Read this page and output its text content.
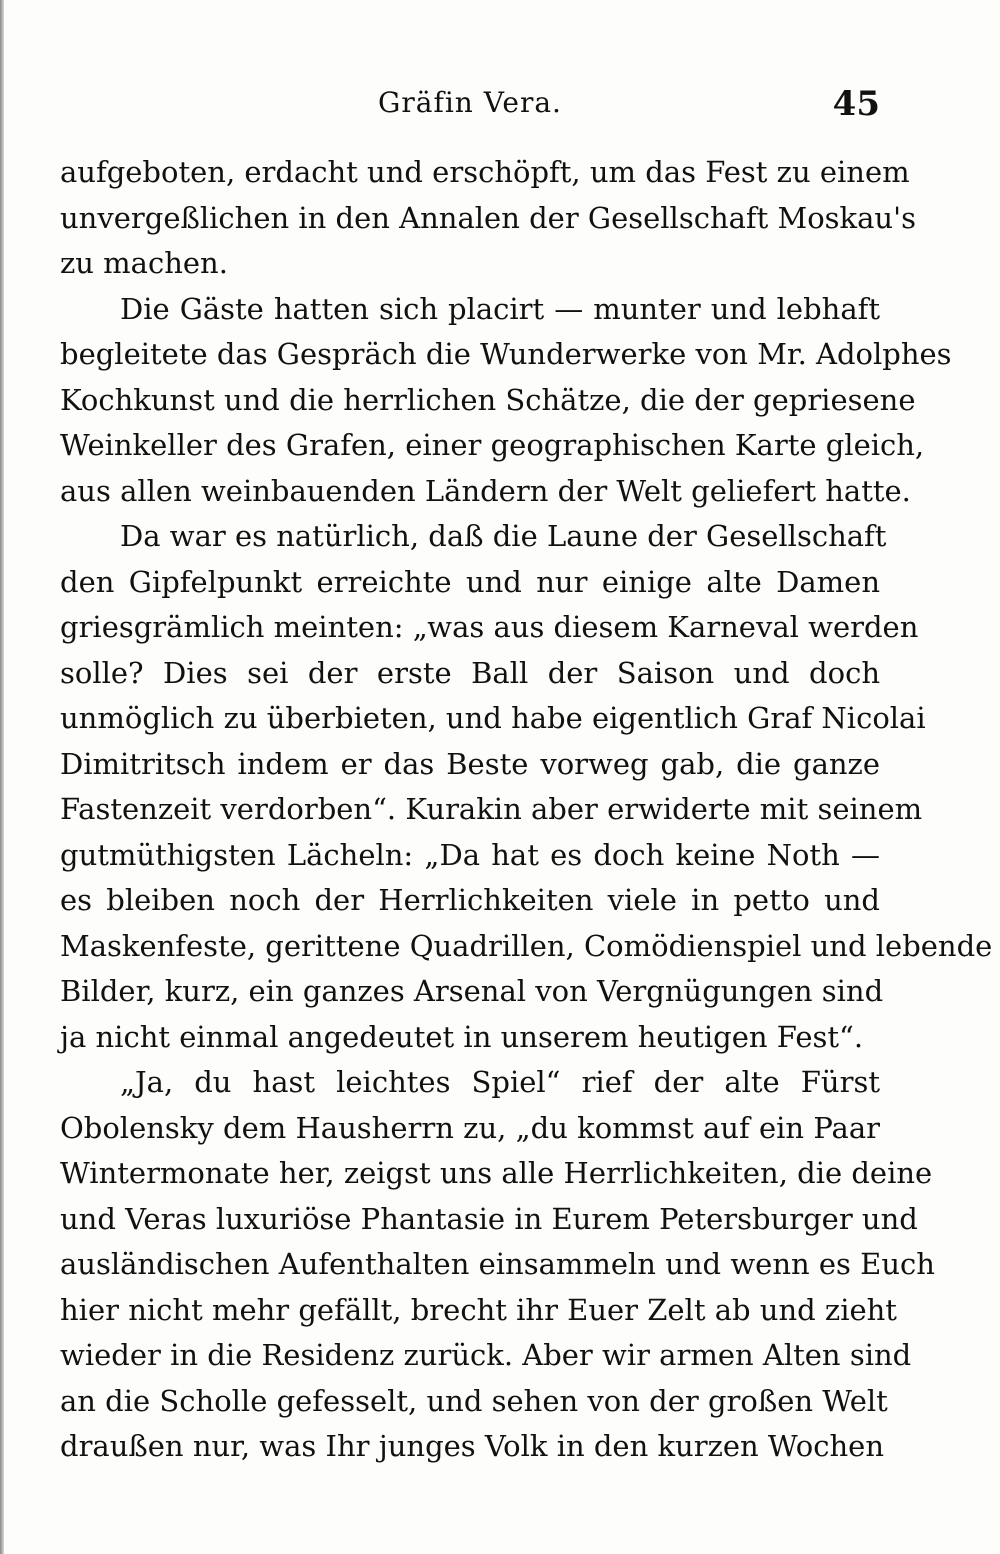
Gräfin Vera.	45
aufgeboten, erdacht und erschöpft, um das Fest zu einem
unvergeßlichen in den Annalen der Gesellschaft Moskau's
zu machen.
Die Gäste hatten sich placirt — munter und lebhaft
begleitete das Gespräch die Wunderwerke von Mr. Adolphes
Kochkunst und die herrlichen Schätze, die der gepriesene
Weinkeller des Grafen, einer geographischen Karte gleich,
aus allen weinbauenden Ländern der Welt geliefert hatte.
Da war es natürlich, daß die Laune der Gesellschaft
den Gipfelpunkt erreichte und nur einige alte Damen
griesgrämlich meinten: „was aus diesem Karneval werden
solle? Dies sei der erste Ball der Saison und doch
unmöglich zu überbieten, und habe eigentlich Graf Nicolai
Dimitritsch indem er das Beste vorweg gab, die ganze
Fastenzeit verdorben“. Kurakin aber erwiderte mit seinem
gutmüthigsten Lächeln: „Da hat es doch keine Noth —
es bleiben noch der Herrlichkeiten viele in petto und
Maskenfeste, gerittene Quadrillen, Comödienspiel und lebende
Bilder, kurz, ein ganzes Arsenal von Vergnügungen sind
ja nicht einmal angedeutet in unserem heutigen Fest“.
„Ja, du hast leichtes Spiel“ rief der alte Fürst
Obolensky dem Hausherrn zu, „du kommst auf ein Paar
Wintermonate her, zeigst uns alle Herrlichkeiten, die deine
und Veras luxuriöse Phantasie in Eurem Petersburger und
ausländischen Aufenthalten einsammeln und wenn es Euch
hier nicht mehr gefällt, brecht ihr Euer Zelt ab und zieht
wieder in die Residenz zurück. Aber wir armen Alten sind
an die Scholle gefesselt, und sehen von der großen Welt
draußen nur, was Ihr junges Volk in den kurzen Wochen
